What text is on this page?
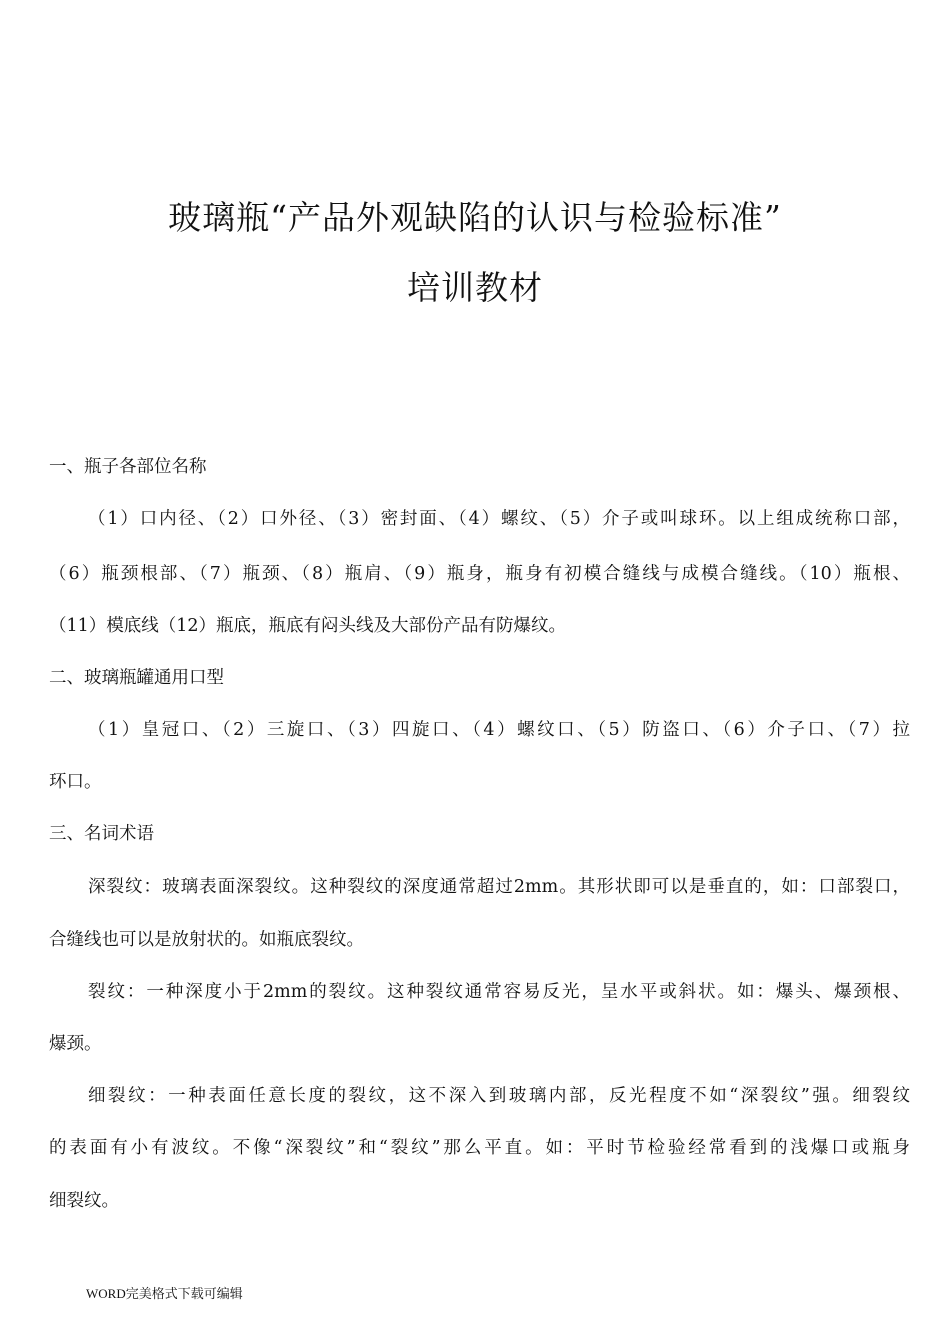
玻璃瓶“产品外观缺陷的认识与检验标准”
培训教材
一、瓶子各部位名称
（1）口内径、（2）口外径、（3）密封面、（4）螺纹、（5）介子或叫球环。以上组成统称口部，
（6）瓶颈根部、（7）瓶颈、（8）瓶肩、（9）瓶身，瓶身有初模合缝线与成模合缝线。（10）瓶根、
（11）模底线（12）瓶底，瓶底有闷头线及大部份产品有防爆纹。
二、玻璃瓶罐通用口型
（1）皇冠口、（2）三旋口、（3）四旋口、（4）螺纹口、（5）防盗口、（6）介子口、（7）拉
环口。
三、名词术语
深裂纹：玻璃表面深裂纹。这种裂纹的深度通常超过2mm。其形状即可以是垂直的，如：口部裂口，
合缝线也可以是放射状的。如瓶底裂纹。
裂纹：一种深度小于2mm的裂纹。这种裂纹通常容易反光，呈水平或斜状。如：爆头、爆颈根、
爆颈。
细裂纹：一种表面任意长度的裂纹，这不深入到玻璃内部，反光程度不如“深裂纹”强。细裂纹
的表面有小有波纹。不像“深裂纹”和“裂纹”那么平直。如：平时节检验经常看到的浅爆口或瓶身
细裂纹。
WORD完美格式下载可编辑
